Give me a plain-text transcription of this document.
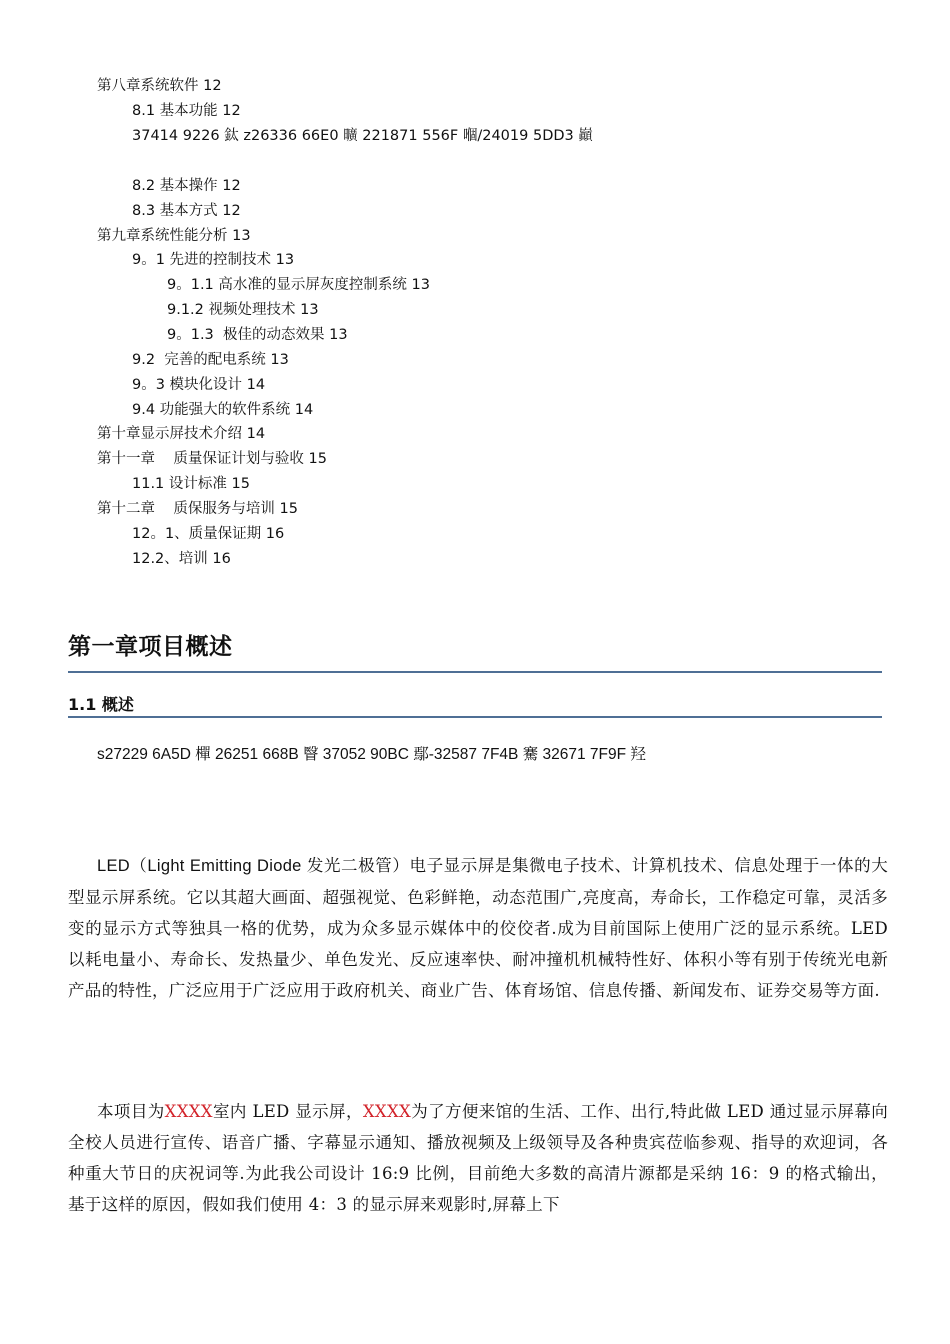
第八章系统软件 12
8.1 基本功能 12
37414 9226 鈦 z26336 66E0 曠 221871 556F 嗰/24019 5DD3 巓
8.2 基本操作 12
8.3 基本方式 12
第九章系统性能分析 13
9。1 先进的控制技术 13
9。1.1 高水准的显示屏灰度控制系统 13
9.1.2 视频处理技术 13
9。1.3  极佳的动态效果 13
9.2  完善的配电系统 13
9。3 模块化设计 14
9.4 功能强大的软件系统 14
第十章显示屏技术介绍 14
第十一章    质量保证计划与验收 15
11.1 设计标准 15
第十二章    质保服务与培训 15
12。1、质量保证期 16
12.2、培训 16
第一章项目概述
1.1 概述
s27229 6A5D 樿 26251 668B 瞖 37052 90BC 鄢-32587 7F4B 騫 32671 7F9F 羟
LED（Light Emitting Diode 发光二极管）电子显示屏是集微电子技术、计算机技术、信息处理于一体的大型显示屏系统。它以其超大画面、超强视觉、色彩鲜艳，动态范围广,亮度高，寿命长，工作稳定可靠，灵活多变的显示方式等独具一格的优势，成为众多显示媒体中的佼佼者.成为目前国际上使用广泛的显示系统。LED 以耗电量小、寿命长、发热量少、单色发光、反应速率快、耐冲撞机机械特性好、体积小等有别于传统光电新产品的特性，广泛应用于广泛应用于政府机关、商业广告、体育场馆、信息传播、新闻发布、证券交易等方面.
本项目为XXXX室内 LED 显示屏，XXXX为了方便来馆的生活、工作、出行,特此做 LED 通过显示屏幕向全校人员进行宣传、语音广播、字幕显示通知、播放视频及上级领导及各种贵宾莅临参观、指导的欢迎词，各种重大节日的庆祝词等.为此我公司设计 16:9 比例，目前绝大多数的高清片源都是采纳 16：9 的格式输出，基于这样的原因，假如我们使用 4：3 的显示屏来观影时,屏幕上下
